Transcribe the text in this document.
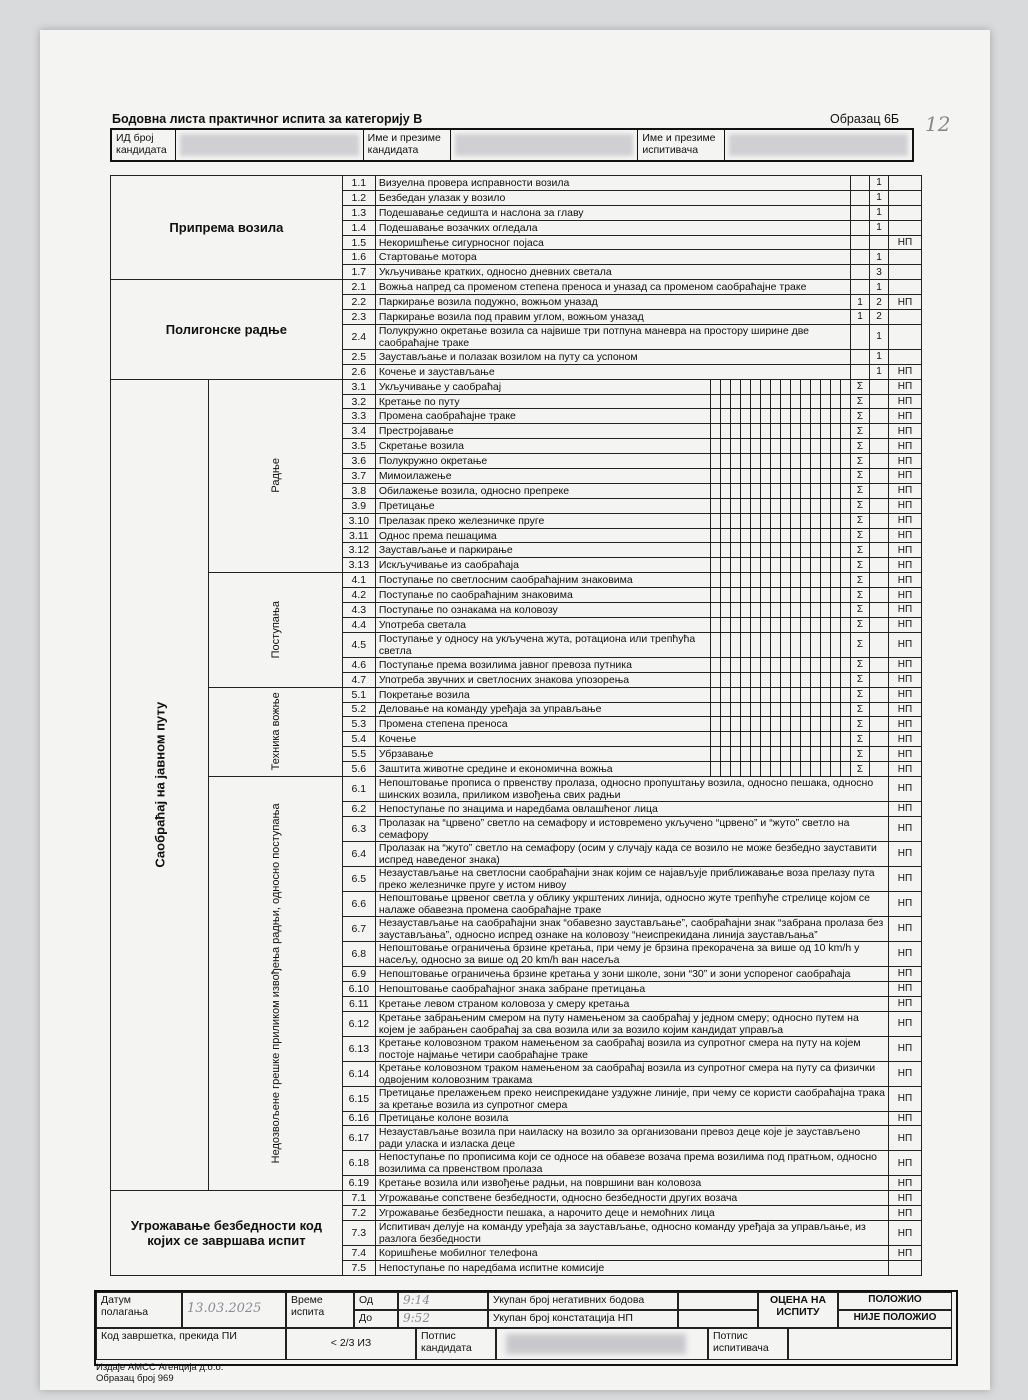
Бодовна листа практичног испита за категорију В	Образац 6Б 12
ИД број кандидата
Име и презиме кандидата
Име и презиме испитивача
Припрема возила		1.1	Визуелна провера исправности возила																1	
		1.2	Безбедан улазак у возило																1	
		1.3	Подешавање седишта и наслона за главу																1	
		1.4	Подешавање возачких огледала																1	
		1.5	Некоришћење сигурносног појаса																	НП
		1.6	Стартовање мотора																1	
		1.7	Укључивање кратких, односно дневних светала																3	

Полигонске радње		2.1	Вожња напред са променом степена преноса и уназад са променом саобраћајне траке																1	
		2.2	Паркирање возила подужно, вожњом уназад															1	2	НП
		2.3	Паркирање возила под правим углом, вожњом уназад															1	2	
		2.4	Полукружно окретање возила са највише три потпуна маневра на простору ширине две саобраћајне траке																1	
		2.5	Заустављање и полазак возилом на путу са успоном																1	
		2.6	Кочење и заустављање																1	НП

Саобраћај на јавном путу	Радње	3.1	Укључивање у саобраћај															Σ		НП
		3.2	Кретање по путу															Σ		НП
		3.3	Промена саобраћајне траке															Σ		НП
		3.4	Престројавање															Σ		НП
		3.5	Скретање возила															Σ		НП
		3.6	Полукружно окретање															Σ		НП
		3.7	Мимоилажење															Σ		НП
		3.8	Обилажење возила, односно препреке															Σ		НП
		3.9	Претицање															Σ		НП
		3.10	Прелазак преко железничке пруге															Σ		НП
		3.11	Однос према пешацима															Σ		НП
		3.12	Заустављање и паркирање															Σ		НП
		3.13	Искључивање из саобраћаја															Σ		НП

	Поступања	4.1	Поступање по светлосним саобраћајним знаковима															Σ		НП
		4.2	Поступање по саобраћајним знаковима															Σ		НП
		4.3	Поступање по ознакама на коловозу															Σ		НП
		4.4	Употреба светала															Σ		НП
		4.5	Поступање у односу на укључена жута, ротациона или трепћућа светла															Σ		НП
		4.6	Поступање према возилима јавног превоза путника															Σ		НП
		4.7	Употреба звучних и светлосних знакова упозорења															Σ		НП

	Техника вожње	5.1	Покретање возила															Σ		НП
		5.2	Деловање на команду уређаја за управљање															Σ		НП
		5.3	Промена степена преноса															Σ		НП
		5.4	Кочење															Σ		НП
		5.5	Убрзавање															Σ		НП
		5.6	Заштита животне средине и економична вожња															Σ		НП

	Недозвољене грешке приликом извођења радњи, односно поступања	6.1	Непоштовање прописа о првенству пролаза, односно пропуштању возила, односно пешака, односно шинских возила, приликом извођења свих радњи																	НП
		6.2	Непоступање по знацима и наредбама овлашћеног лица																	НП
		6.3	Пролазак на “црвено” светло на семафору и истовремено укључено “црвено” и “жуто” светло на семафору																	НП
		6.4	Пролазак на “жуто” светло на семафору (осим у случају када се возило не може безбедно зауставити испред наведеног знака)																	НП
		6.5	Незаустављање на светлосни саобраћајни знак којим се најављује приближавање воза прелазу пута преко железничке пруге у истом нивоу																	НП
		6.6	Непоштовање црвеног светла у облику укрштених линија, односно жуте трепћуће стрелице којом се налаже обавезна промена саобраћајне траке																	НП
		6.7	Незаустављање на саобраћајни знак “обавезно заустављање”, саобраћајни знак “забрана пролаза без заустављања”, односно испред ознаке на коловозу “неиспрекидана линија заустављања”																	НП
		6.8	Непоштовање ограничења брзине кретања, при чему је брзина прекорачена за више од 10 km/h у насељу, односно за више од 20 km/h ван насеља																	НП
		6.9	Непоштовање ограничења брзине кретања у зони школе, зони “30” и зони успореног саобраћаја																	НП
		6.10	Непоштовање саобраћајног знака забране претицања																	НП
		6.11	Кретање левом страном коловоза у смеру кретања																	НП
		6.12	Кретање забрањеним смером на путу намењеном за саобраћај у једном смеру; односно путем на којем је забрањен саобраћај за сва возила или за возило којим кандидат управља																	НП
		6.13	Кретање коловозном траком намењеном за саобраћај возила из супротног смера на путу на којем постоје најмање четири саобраћајне траке																	НП
		6.14	Кретање коловозном траком намењеном за саобраћај возила из супротног смера на путу са физички одвојеним коловозним тракама																	НП
		6.15	Претицање прелажењем преко неиспрекидане уздужне линије, при чему се користи саобраћајна трака за кретање возила из супротног смера																	НП
		6.16	Претицање колоне возила																	НП
		6.17	Незаустављање возила при наиласку на возило за организовани превоз деце које је заустављено ради уласка и изласка деце																	НП
		6.18	Непоступање по прописима који се односе на обавезе возача према возилима под пратњом, односно возилима са првенством пролаза																	НП
		6.19	Кретање возила или извођење радњи, на површини ван коловоза																	НП

Угрожавање безбедности код којих се завршава испит		7.1	Угрожавање сопствене безбедности, односно безбедности других возача																	НП
		7.2	Угрожавање безбедности пешака, а нарочито деце и немоћних лица																	НП
		7.3	Испитивач делује на команду уређаја за заустављање, односно команду уређаја за управљање, из разлога безбедности																	НП
		7.4	Коришћење мобилног телефона																	НП
		7.5	Непоступање по наредбама испитне комисије																	
Датум полагања	13.03.2025
Време испита
Од	9:14
До	9:52
Укупан број негативних бодова
Укупан број констатација НП
ОЦЕНА НА ИСПИТУ
ПОЛОЖИО
НИЈЕ ПОЛОЖИО
Код завршетка, прекида ПИ
< 2/3 ИЗ
Потпис кандидата
Потпис испитивача
Издаје АМСС Агенција д.о.о.
Образац број 969
